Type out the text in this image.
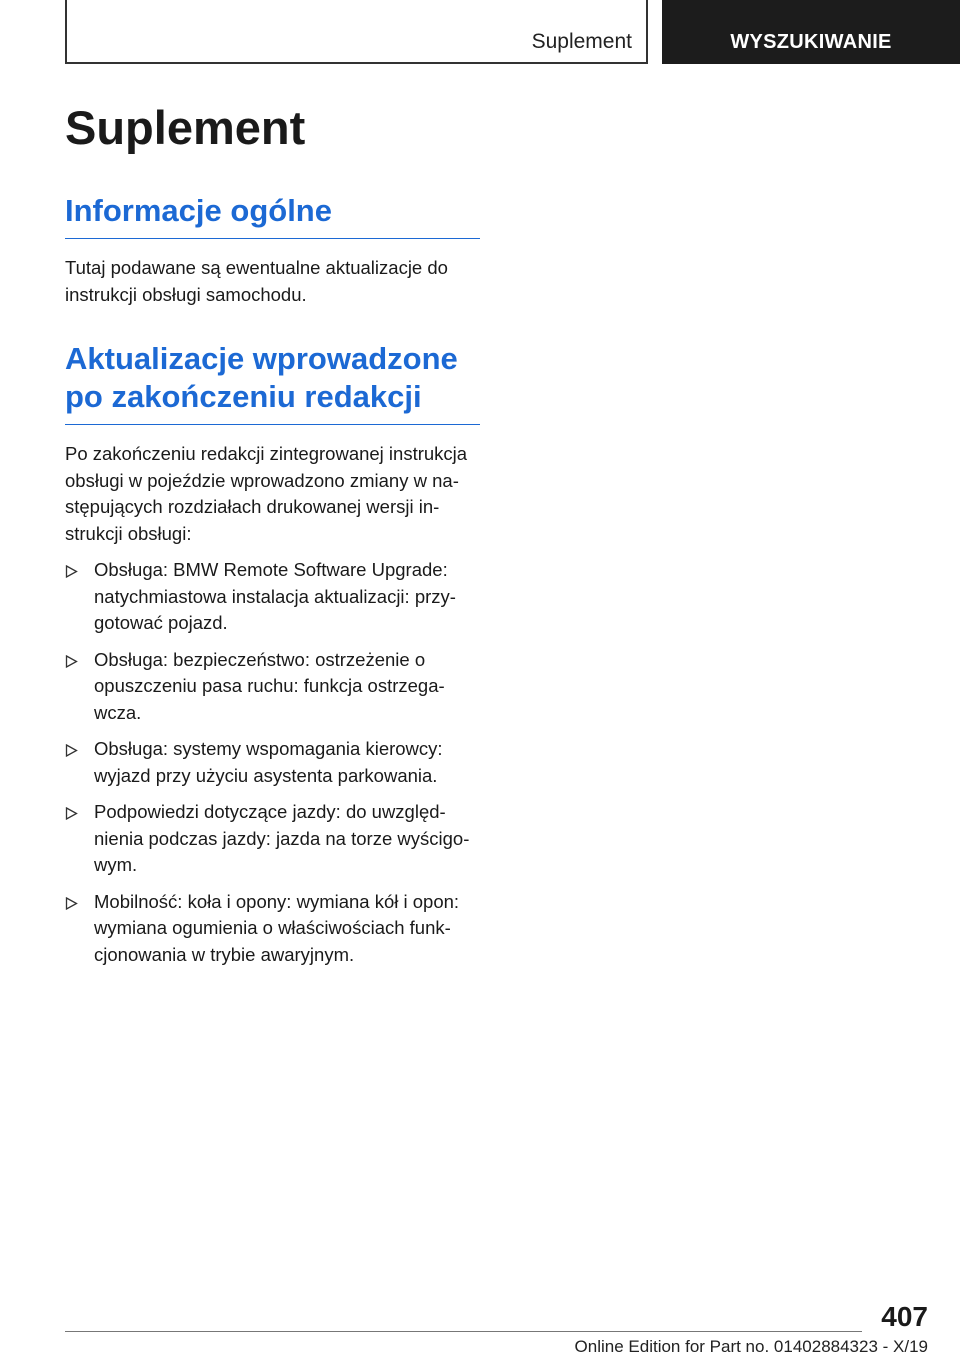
Suplement	WYSZUKIWANIE
Suplement
Informacje ogólne

Tutaj podawane są ewentualne aktualizacje do instrukcji obsługi samochodu.

Aktualizacje wprowadzone po zakończeniu redakcji

Po zakończeniu redakcji zintegrowanej instrukcja obsługi w pojeździe wprowadzono zmiany w następujących rozdziałach drukowanej wersji instrukcji obsługi:

Obsługa: BMW Remote Software Upgrade: natychmiastowa instalacja aktualizacji: przygotować pojazd.
Obsługa: bezpieczeństwo: ostrzeżenie o opuszczeniu pasa ruchu: funkcja ostrzegawcza.
Obsługa: systemy wspomagania kierowcy: wyjazd przy użyciu asystenta parkowania.
Podpowiedzi dotyczące jazdy: do uwzględnienia podczas jazdy: jazda na torze wyścigowym.
Mobilność: koła i opony: wymiana kół i opon: wymiana ogumienia o właściwościach funkcjonowania w trybie awaryjnym.
407
Online Edition for Part no. 01402884323 - X/19
